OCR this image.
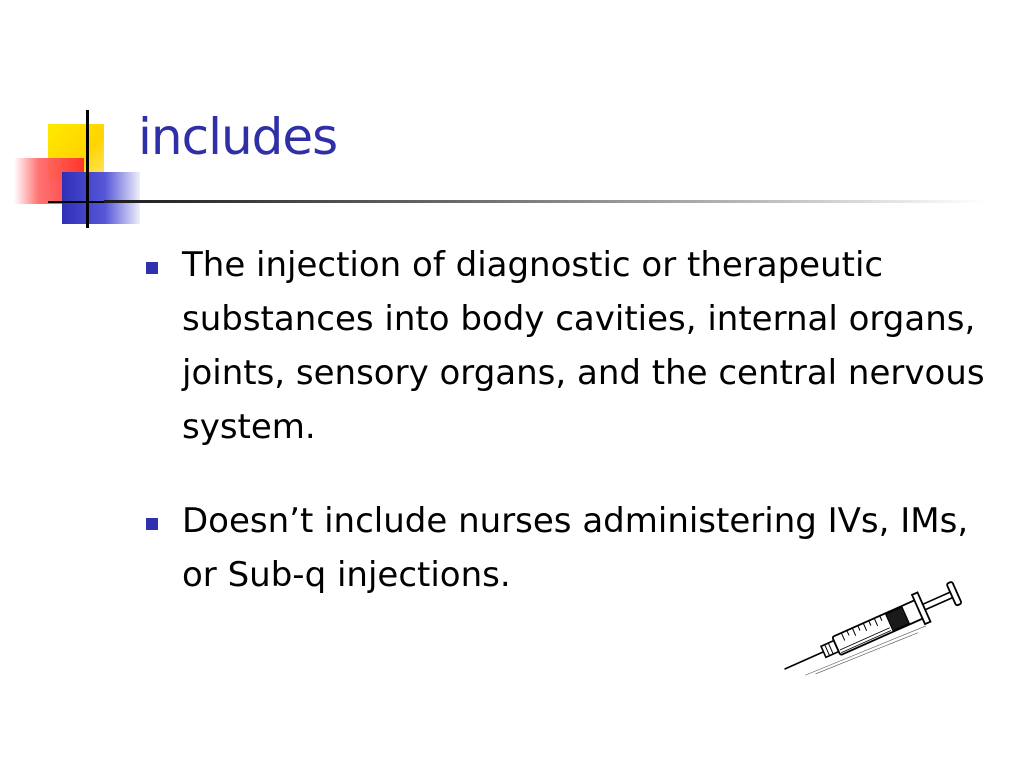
includes
The injection of diagnostic or therapeutic substances into body cavities, internal organs, joints, sensory organs, and the central nervous system.
Doesn’t include nurses administering IVs, IMs, or Sub-q injections.
